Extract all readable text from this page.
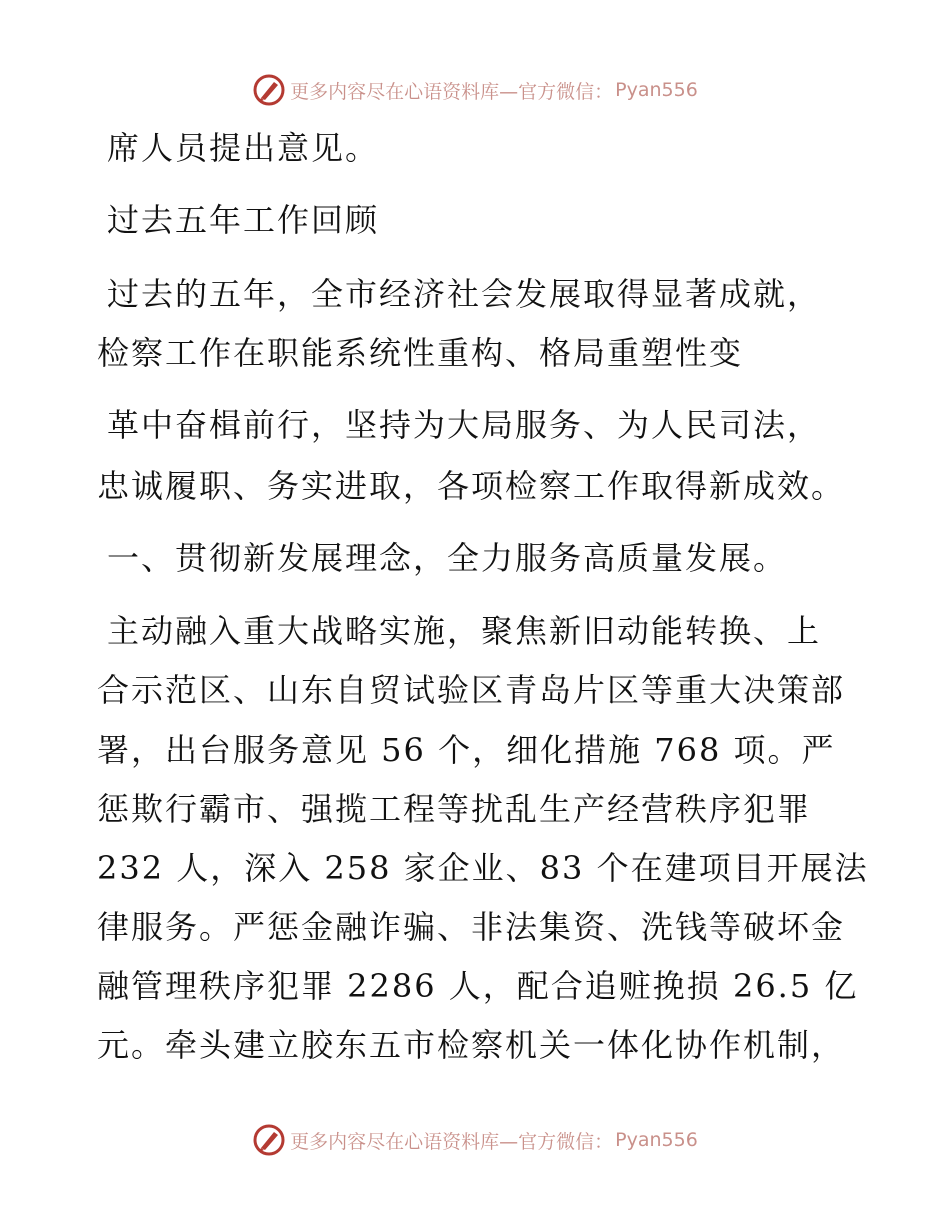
更多内容尽在心语资料库—官方微信： Pyan556
席人员提出意见。
过去五年工作回顾
过去的五年，全市经济社会发展取得显著成就，
检察工作在职能系统性重构、格局重塑性变
革中奋楫前行，坚持为大局服务、为人民司法，
忠诚履职、务实进取，各项检察工作取得新成效。
一、贯彻新发展理念，全力服务高质量发展。
主动融入重大战略实施，聚焦新旧动能转换、上
合示范区、山东自贸试验区青岛片区等重大决策部
署，出台服务意见 56 个，细化措施 768 项。严
惩欺行霸市、强揽工程等扰乱生产经营秩序犯罪
232 人，深入 258 家企业、83 个在建项目开展法
律服务。严惩金融诈骗、非法集资、洗钱等破坏金
融管理秩序犯罪 2286 人，配合追赃挽损 26.5 亿
元。牵头建立胶东五市检察机关一体化协作机制，
更多内容尽在心语资料库—官方微信： Pyan556
